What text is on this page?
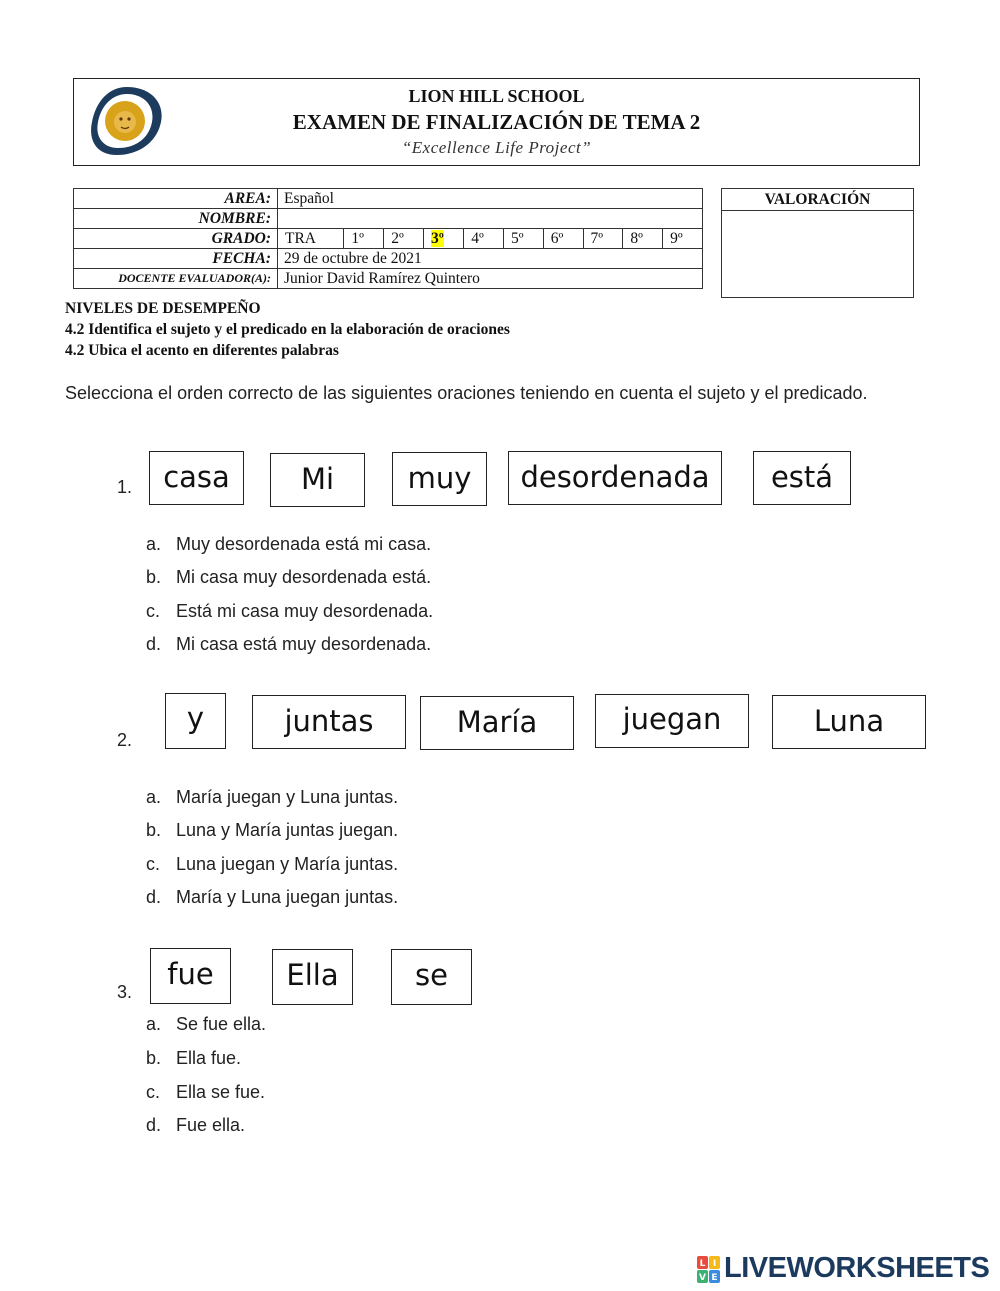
LION HILL SCHOOL
EXAMEN DE FINALIZACIÓN DE TEMA 2
“Excellence Life Project”
AREA:	Español									
NOMBRE:										
GRADO:	TRA	1º	2º	3º	4º	5º	6º	7º	8º	9º
FECHA:	29 de octubre de 2021									
DOCENTE EVALUADOR(A):	Junior David Ramírez Quintero									
VALORACIÓN
NIVELES DE DESEMPEÑO
4.2 Identifica el sujeto y el predicado en la elaboración de oraciones
4.2 Ubica el acento en diferentes palabras
Selecciona el orden correcto de las siguientes oraciones teniendo en cuenta el sujeto y el predicado.
1.	casa	Mi	muy	desordenada	está
a. Muy desordenada está mi casa.
b. Mi casa muy desordenada está.
c. Está mi casa muy desordenada.
d. Mi casa está muy desordenada.
2.
y	juntas	María	juegan	Luna
a. María juegan y Luna juntas.
b. Luna y María juntas juegan.
c. Luna juegan y María juntas.
d. María y Luna juegan juntas.
3.
fue	Ella	se
a. Se fue ella.
b. Ella fue.
c. Ella se fue.
d. Fue ella.
L I
V E LIVEWORKSHEETS
